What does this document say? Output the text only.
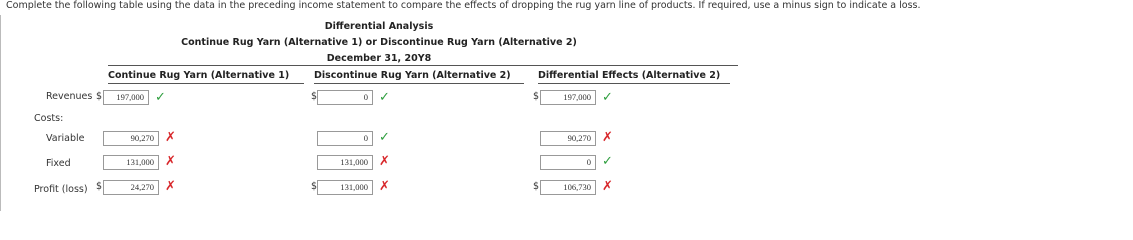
Complete the following table using the data in the preceding income statement to compare the effects of dropping the rug yarn line of products. If required, use a minus sign to indicate a loss.
Differential Analysis
Continue Rug Yarn (Alternative 1) or Discontinue Rug Yarn (Alternative 2)
December 31, 20Y8
Continue Rug Yarn (Alternative 1)	Discontinue Rug Yarn (Alternative 2)	Differential Effects (Alternative 2)
Revenues $	197,000 ✓	$	0 ✓	$	197,000 ✓
Costs:
Variable	90,270 ✗	0 ✓	90,270 ✗
Fixed	131,000 ✗	131,000 ✗	0 ✓
Profit (loss) $	24,270 ✗	$	131,000 ✗	$	106,730 ✗
